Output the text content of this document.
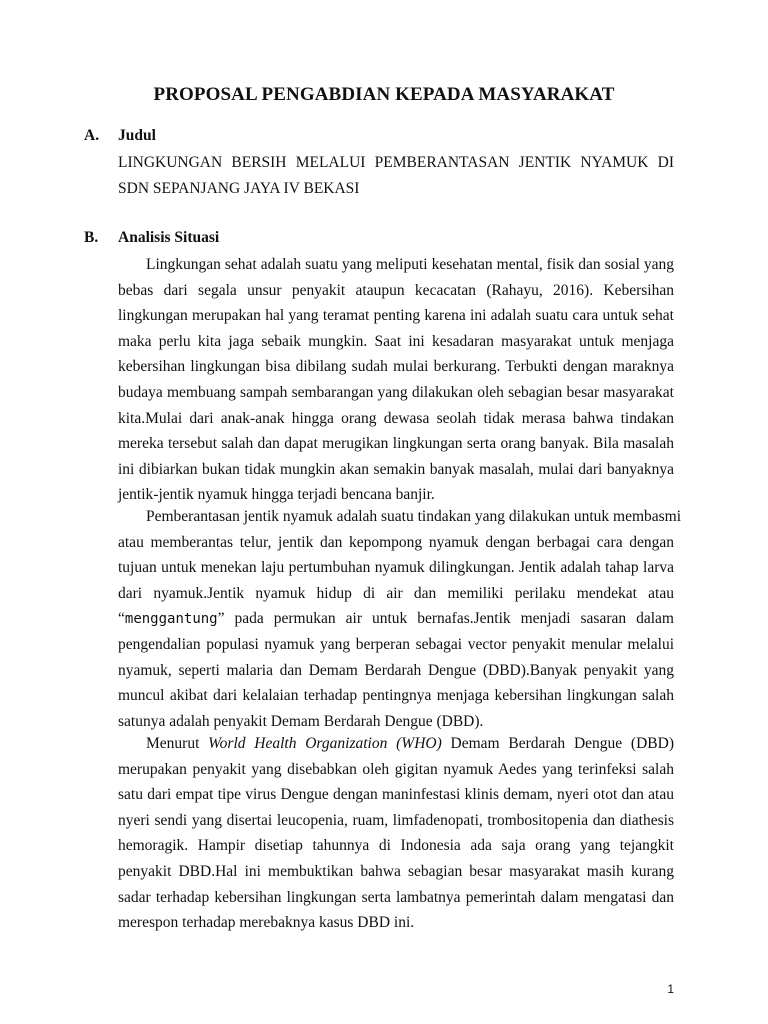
PROPOSAL PENGABDIAN KEPADA MASYARAKAT
A. Judul
LINGKUNGAN BERSIH MELALUI PEMBERANTASAN JENTIK NYAMUK DI
SDN SEPANJANG JAYA IV BEKASI
B. Analisis Situasi
Lingkungan sehat adalah suatu yang meliputi kesehatan mental, fisik dan sosial yang
bebas dari segala unsur penyakit ataupun kecacatan (Rahayu, 2016). Kebersihan
lingkungan merupakan hal yang teramat penting karena ini adalah suatu cara untuk sehat
maka perlu kita jaga sebaik mungkin. Saat ini kesadaran masyarakat untuk menjaga
kebersihan lingkungan bisa dibilang sudah mulai berkurang. Terbukti dengan maraknya
budaya membuang sampah sembarangan yang dilakukan oleh sebagian besar masyarakat
kita.Mulai dari anak-anak hingga orang dewasa seolah tidak merasa bahwa tindakan
mereka tersebut salah dan dapat merugikan lingkungan serta orang banyak. Bila masalah
ini dibiarkan bukan tidak mungkin akan semakin banyak masalah, mulai dari banyaknya
jentik-jentik nyamuk hingga terjadi bencana banjir.
Pemberantasan jentik nyamuk adalah suatu tindakan yang dilakukan untuk membasmi
atau memberantas telur, jentik dan kepompong nyamuk dengan berbagai cara dengan
tujuan untuk menekan laju pertumbuhan nyamuk dilingkungan. Jentik adalah tahap larva
dari nyamuk.Jentik nyamuk hidup di air dan memiliki perilaku mendekat atau
“menggantung” pada permukan air untuk bernafas.Jentik menjadi sasaran dalam
pengendalian populasi nyamuk yang berperan sebagai vector penyakit menular melalui
nyamuk, seperti malaria dan Demam Berdarah Dengue (DBD).Banyak penyakit yang
muncul akibat dari kelalaian terhadap pentingnya menjaga kebersihan lingkungan salah
satunya adalah penyakit Demam Berdarah Dengue (DBD).
Menurut World Health Organization (WHO) Demam Berdarah Dengue (DBD)
merupakan penyakit yang disebabkan oleh gigitan nyamuk Aedes yang terinfeksi salah
satu dari empat tipe virus Dengue dengan maninfestasi klinis demam, nyeri otot dan atau
nyeri sendi yang disertai leucopenia, ruam, limfadenopati, trombositopenia dan diathesis
hemoragik. Hampir disetiap tahunnya di Indonesia ada saja orang yang tejangkit
penyakit DBD.Hal ini membuktikan bahwa sebagian besar masyarakat masih kurang
sadar terhadap kebersihan lingkungan serta lambatnya pemerintah dalam mengatasi dan
merespon terhadap merebaknya kasus DBD ini.
1
